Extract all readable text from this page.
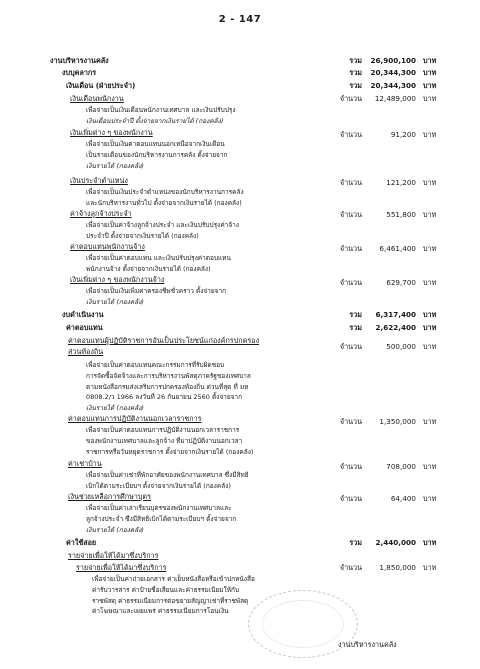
2 - 147
งานบริหารงานคลัง	รวม	26,900,100 บาท
งบบุคลากร	รวม	20,344,300 บาท
เงินเดือน (ฝ่ายประจำ)	รวม	20,344,300 บาท
เงินเดือนพนักงาน	จำนวน	12,489,000 บาท
เพื่อจ่ายเป็นเงินเดือนพนักงานเทศบาล และเงินปรับปรุง
เงินเดือนประจำปี ตั้งจ่ายจากเงินรายได้ (กองคลัง)
เงินเพิ่มต่าง ๆ ของพนักงาน	จำนวน	91,200 บาท
เพื่อจ่ายเป็นเงินค่าตอบแทนนอกเหนือจากเงินเดือน
เป็นรายเดือนของนักบริหารงานการคลัง ตั้งจ่ายจาก
เงินรายได้ (กองคลัง)
เงินประจำตำแหน่ง	จำนวน	121,200 บาท
เพื่อจ่ายเป็นเงินประจำตำแหน่งของนักบริหารงานการคลัง
และนักบริหารงานทั่วไป ตั้งจ่ายจากเงินรายได้ (กองคลัง)
ค่าจ้างลูกจ้างประจำ	จำนวน	551,800 บาท
เพื่อจ่ายเป็นค่าจ้างลูกจ้างประจำ และเงินปรับปรุงค่าจ้าง
ประจำปี ตั้งจ่ายจากเงินรายได้ (กองคลัง)
ค่าตอบแทนพนักงานจ้าง	จำนวน	6,461,400 บาท
เพื่อจ่ายเป็นค่าตอบแทน และเงินปรับปรุงค่าตอบแทน
พนักงานจ้าง ตั้งจ่ายจากเงินรายได้ (กองคลัง)
เงินเพิ่มต่าง ๆ ของพนักงานจ้าง	จำนวน	629,700 บาท
เพื่อจ่ายเป็นเงินเพิ่มค่าครองชีพชั่วคราว ตั้งจ่ายจาก
เงินรายได้ (กองคลัง)
งบดำเนินงาน	รวม	6,317,400 บาท
ค่าตอบแทน	รวม	2,622,400 บาท
ค่าตอบแทนผู้ปฏิบัติราชการอันเป็นประโยชน์แก่องค์กรปกครอง
ส่วนท้องถิ่น
จำนวน	500,000 บาท
เพื่อจ่ายเป็นค่าตอบแทนคณะกรรมการที่รับผิดชอบ
การจัดซื้อจัดจ้างและการบริหารงานพัสดุภาครัฐของเทศบาล
ตามหนังสือกรมส่งเสริมการปกครองท้องถิ่น ด่วนที่สุด ที่ มท
0808.2/ว 1966 ลงวันที่ 26 กันยายน 2560 ตั้งจ่ายจาก
เงินรายได้ (กองคลัง)
ค่าตอบแทนการปฏิบัติงานนอกเวลาราชการ	จำนวน	1,350,000 บาท
เพื่อจ่ายเป็นค่าตอบแทนการปฏิบัติงานนอกเวลาราชการ
ของพนักงานเทศบาลและลูกจ้าง ที่มาปฏิบัติงานนอกเวลา
ราชการหรือวันหยุดราชการ ตั้งจ่ายจากเงินรายได้ (กองคลัง)
ค่าเช่าบ้าน	จำนวน	708,000 บาท
เพื่อจ่ายเป็นค่าเช่าที่พักอาศัยของพนักงานเทศบาล ซึ่งมีสิทธิ
เบิกได้ตามระเบียบฯ ตั้งจ่ายจากเงินรายได้ (กองคลัง)
เงินช่วยเหลือการศึกษาบุตร	จำนวน	64,400 บาท
เพื่อจ่ายเป็นค่าเล่าเรียนบุตรของพนักงานเทศบาลและ
ลูกจ้างประจำ ซึ่งมีสิทธิเบิกได้ตามระเบียบฯ ตั้งจ่ายจาก
เงินรายได้ (กองคลัง)
ค่าใช้สอย	รวม	2,440,000 บาท
รายจ่ายเพื่อให้ได้มาซึ่งบริการ
รายจ่ายเพื่อให้ได้มาซึ่งบริการ	จำนวน	1,850,000 บาท
เพื่อจ่ายเป็นค่าถ่ายเอกสาร ค่าเย็บหนังสือหรือเข้าปกหนังสือ
ค่ารับวารสาร ค่าป้ายชื่อเสียนและค่าธรรมเนียมให้กับ
ราชพัสดุ ค่าธรรมเนียมการต่อขยายสัญญาเช่าที่ราชพัสดุ
ค่าโฆษณาและเผยแพร่ ค่าธรรมเนียมการโอนเงิน
งานบริหารงานคลัง
